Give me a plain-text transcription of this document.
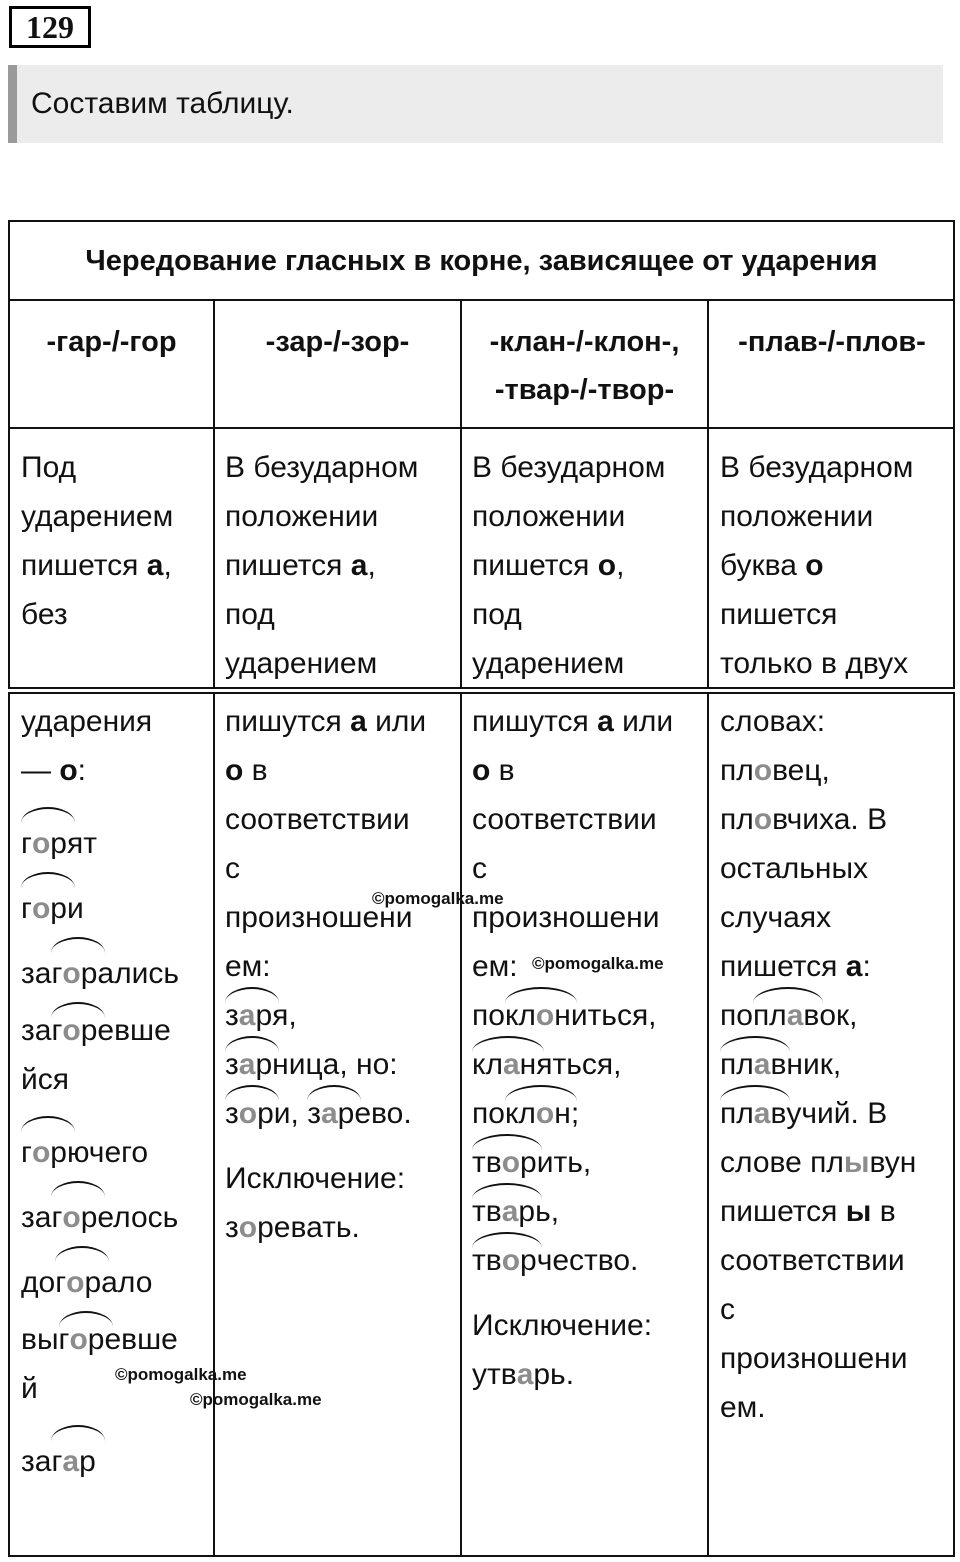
129
Составим таблицу.
Чередование гласных в корне, зависящее от ударения
-гар-/-гор	-зар-/-зор-	-клан-/-клон-,
-твар-/-твор-
-плав-/-плов-
Под
ударением
пишется а,
без
В безударном
положении
пишется а,
под
ударением
В безударном
положении
пишется о,
под
ударением
В безударном
положении
буква о
пишется
только в двух
ударения
— о:
гор
ят
гор
и
загор
ались
загор
евше
йся
гор
ючего
загор
елось
догор
ало
выгор
евше
й
загар
пишутся а или
о в
соответствии
с
произношени
ем:
зар
я,
зар
ница, но:
зор
и, зар
ево.
Исключение:
зоревать.
пишутся а или
о в
соответствии
с
произношени
ем:
поклон
иться,
клан
яться,
поклон
;
твор
ить,
твар
ь,
твор
чество.
Исключение:
утварь.
словах:
пловец,
пловчиха. В
остальных
случаях
пишется а:
поплав
ок,
плав
ник,
плав
учий. В
слове плывун
пишется ы в
соответствии
с
произношени
ем.
©pomogalka.me
©pomogalka.me
©pomogalka.me
©pomogalka.me
